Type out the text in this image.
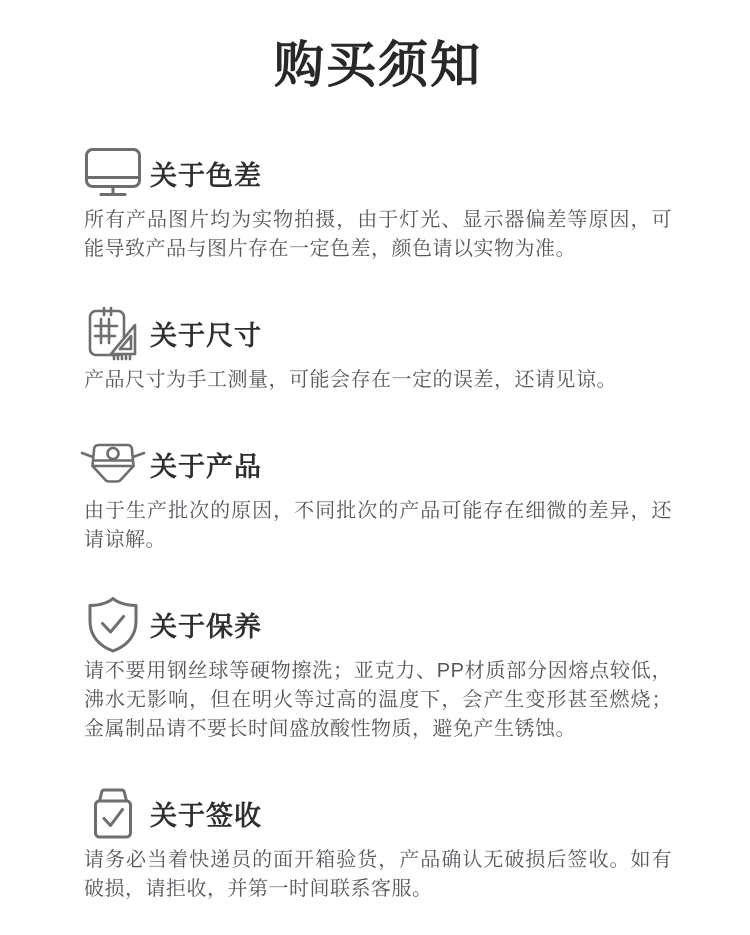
购买须知
关于色差

所有产品图片均为实物拍摄，由于灯光、显示器偏差等原因，可能导致产品与图片存在一定色差，颜色请以实物为准。

关于尺寸

产品尺寸为手工测量，可能会存在一定的误差，还请见谅。

关于产品

由于生产批次的原因，不同批次的产品可能存在细微的差异，还请谅解。

关于保养

请不要用钢丝球等硬物擦洗；亚克力、PP材质部分因熔点较低，沸水无影响，但在明火等过高的温度下，会产生变形甚至燃烧；金属制品请不要长时间盛放酸性物质，避免产生锈蚀。

关于签收

请务必当着快递员的面开箱验货，产品确认无破损后签收。如有破损，请拒收，并第一时间联系客服。
